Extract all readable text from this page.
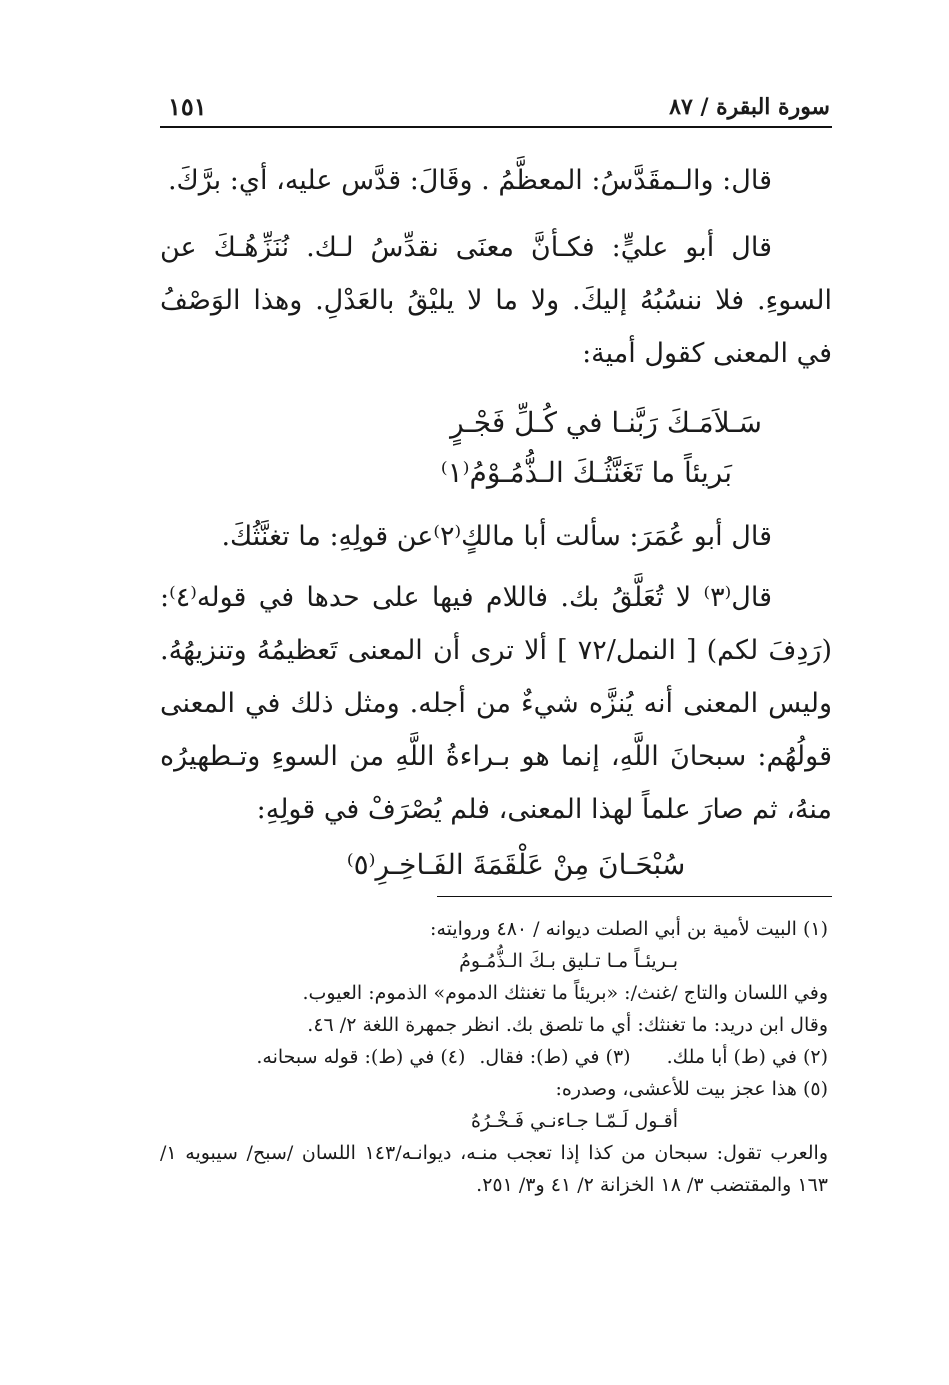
سورة البقرة / ٨٧
١٥١

قال: والـمقَدَّسُ: المعظَّمُ . وقَالَ: قدَّس عليه، أي: برَّكَ.

قال أبو عليٍّ: فكـأنَّ معنَى نقدِّسُ لـك. نُنَزِّهُـكَ عن السوءِ. فلا ننسُبُهُ إليكَ. ولا ما لا يليْقُ بالعَدْلِ. وهذا الوَصْفُ في المعنى كقول أمية:

سَـلاَمَـكَ رَبَّنـا في كُـلِّ فَجْـرٍ

بَريئاً ما تَغَنَّثُـكَ الـذُّمُـوْمُ⁽١⁾

قال أبو عُمَرَ: سألت أبا مالكٍ⁽٢⁾عن قولِهِ: ما تغنَّثُكَ.

قال⁽٣⁾ لا تُعَلَّقُ بك. فاللام فيها على حدها في قوله⁽٤⁾: (رَدِفَ لكم) [ النمل/٧٢ ] ألا ترى أن المعنى تَعظيمُهُ وتنزيهُهُ. وليس المعنى أنه يُنزَّه شيءٌ من أجله. ومثل ذلك في المعنى قولُهُم: سبحانَ اللَّهِ، إنما هو بـراءةُ اللَّهِ من السوءِ وتـطهيرُه منهُ، ثم صارَ علماً لهذا المعنى، فلم يُصْرَفْ في قولِهِ:

سُبْحَـانَ مِنْ عَلْقَمَةَ الفَـاخِـرِ⁽٥⁾

(١) البيت لأمية بن أبي الصلت ديوانه / ٤٨٠ وروايته:

بـريئـاً مـا تـليق بـكَ الـذُّمُـومُ

وفي اللسان والتاج /غنث/: «بريئاً ما تغنثك الدموم» الذموم: العيوب.

وقال ابن دريد: ما تغنثك: أي ما تلصق بك. انظر جمهرة اللغة ٢/ ٤٦.

(٢) في (ط) أبا ملك.(٣) في (ط): فقال.(٤) في (ط): قوله سبحانه.

(٥) هذا عجز بيت للأعشى، وصدره:

أقـول لَـمّـا جـاءنـي فَـخْـرُهُ

والعرب تقول: سبحان من كذا إذا تعجب منـه، ديوانـه/١٤٣ اللسان /سبح/ سيبويه ١/ ١٦٣ والمقتضب ٣/ ١٨ الخزانة ٢/ ٤١ و٣/ ٢٥١.
